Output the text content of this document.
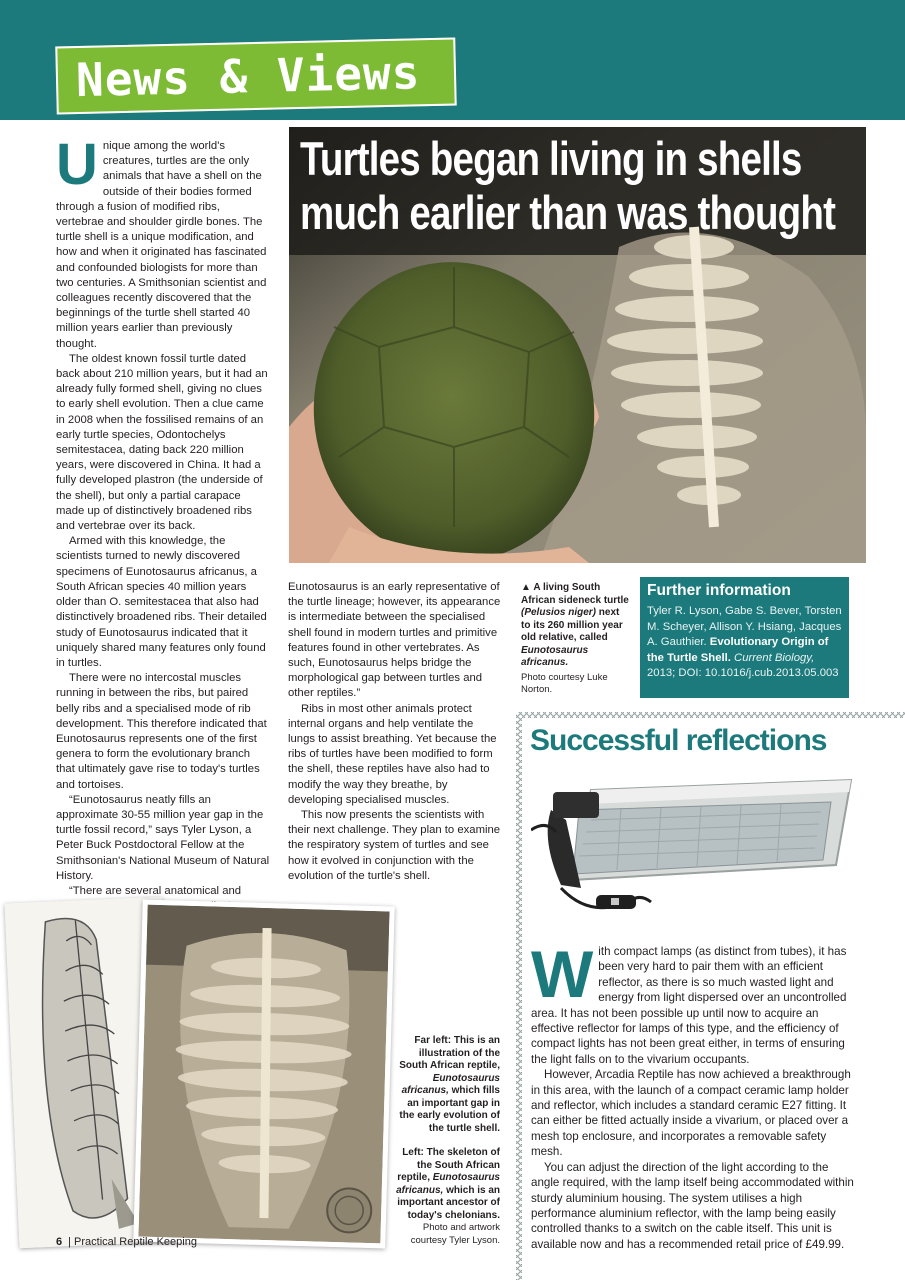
News & Views
U nique among the world's creatures, turtles are the only animals that have a shell on the outside of their bodies formed through a fusion of modified ribs, vertebrae and shoulder girdle bones. The turtle shell is a unique modification, and how and when it originated has fascinated and confounded biologists for more than two centuries. A Smithsonian scientist and colleagues recently discovered that the beginnings of the turtle shell started 40 million years earlier than previously thought.

The oldest known fossil turtle dated back about 210 million years, but it had an already fully formed shell, giving no clues to early shell evolution. Then a clue came in 2008 when the fossilised remains of an early turtle species, Odontochelys semitestacea, dating back 220 million years, were discovered in China. It had a fully developed plastron (the underside of the shell), but only a partial carapace made up of distinctively broadened ribs and vertebrae over its back.

Armed with this knowledge, the scientists turned to newly discovered specimens of Eunotosaurus africanus, a South African species 40 million years older than O. semitestacea that also had distinctively broadened ribs. Their detailed study of Eunotosaurus indicated that it uniquely shared many features only found in turtles.

There were no intercostal muscles running in between the ribs, but paired belly ribs and a specialised mode of rib development. This therefore indicated that Eunotosaurus represents one of the first genera to form the evolutionary branch that ultimately gave rise to today's turtles and tortoises.

“Eunotosaurus neatly fills an approximate 30-55 million year gap in the turtle fossil record,” says Tyler Lyson, a Peter Buck Postdoctoral Fellow at the Smithsonian's National Museum of Natural History.

“There are several anatomical and

Turtles began living in shells
much earlier than was thought

Eunotosaurus is an early representative of the turtle lineage; however, its appearance is intermediate between the specialised shell found in modern turtles and primitive features found in other vertebrates. As such, Eunotosaurus helps bridge the morphological gap between turtles and other reptiles.”

Ribs in most other animals protect internal organs and help ventilate the lungs to assist breathing. Yet because the ribs of turtles have been modified to form the shell, these reptiles have also had to modify the way they breathe, by developing specialised muscles.

This now presents the scientists with their next challenge. They plan to examine the respiratory system of turtles and see how it evolved in conjunction with the evolution of the turtle's shell.

▲ A living South African sideneck turtle (Pelusios niger) next to its 260 million year old relative, called Eunotosaurus africanus.
Photo courtesy Luke Norton.
Further information
Tyler R. Lyson, Gabe S. Bever, Torsten M. Scheyer, Allison Y. Hsiang, Jacques A. Gauthier. Evolutionary Origin of the Turtle Shell. Current Biology, 2013; DOI: 10.1016/j.cub.2013.05.003
Successful reflections
W ith compact lamps (as distinct from tubes), it has been very hard to pair them with an efficient reflector, as there is so much wasted light and energy from light dispersed over an uncontrolled area. It has not been possible up until now to acquire an effective reflector for lamps of this type, and the efficiency of compact lights has not been great either, in terms of ensuring the light falls on to the vivarium occupants.

However, Arcadia Reptile has now achieved a breakthrough in this area, with the launch of a compact ceramic lamp holder and reflector, which includes a standard ceramic E27 fitting. It can either be fitted actually inside a vivarium, or placed over a mesh top enclosure, and incorporates a removable safety mesh.

You can adjust the direction of the light according to the angle required, with the lamp itself being accommodated within sturdy aluminium housing. The system utilises a high performance aluminium reflector, with the lamp being easily controlled thanks to a switch on the cable itself. This unit is available now and has a recommended retail price of £49.99.

Far left: This is an illustration of the South African reptile, Eunotosaurus africanus, which fills an important gap in the early evolution of the turtle shell.
Left: The skeleton of the South African reptile, Eunotosaurus africanus, which is an important ancestor of today's chelonians.
Photo and artwork courtesy Tyler Lyson.
6 | Practical Reptile Keeping
